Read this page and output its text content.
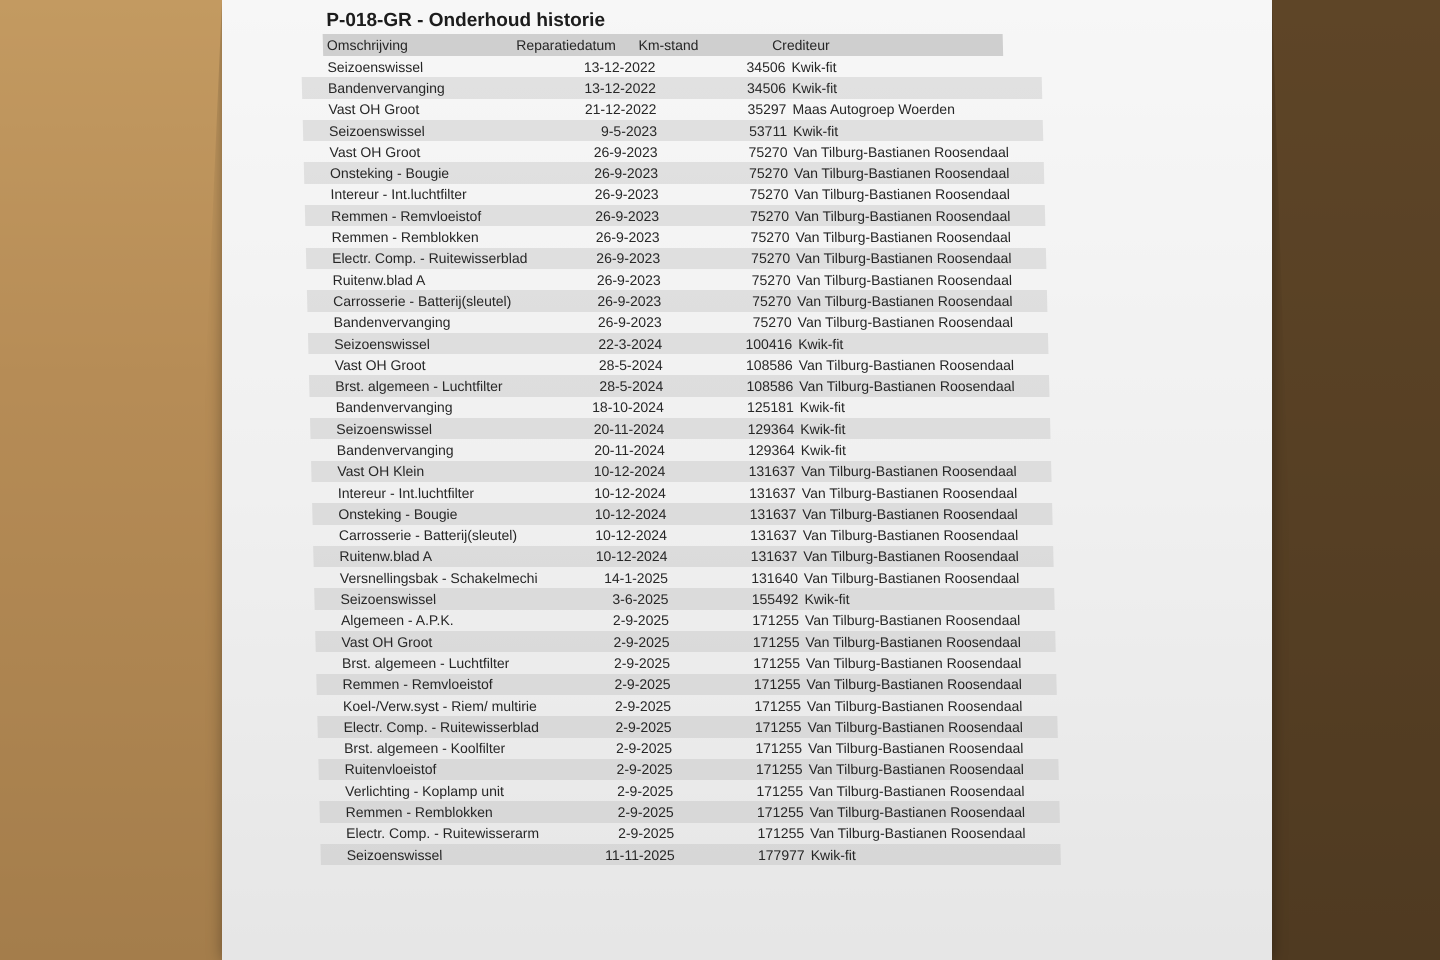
P-018-GR - Onderhoud historie
Omschrijving	Reparatiedatum	Km-stand	Crediteur
Seizoenswissel	13-12-2022	34506 Kwik-fit
Bandenvervanging	13-12-2022	34506 Kwik-fit
Vast OH Groot	21-12-2022	35297 Maas Autogroep Woerden
Seizoenswissel	9-5-2023	53711 Kwik-fit
Vast OH Groot	26-9-2023	75270 Van Tilburg-Bastianen Roosendaal
Onsteking - Bougie	26-9-2023	75270 Van Tilburg-Bastianen Roosendaal
Intereur - Int.luchtfilter	26-9-2023	75270 Van Tilburg-Bastianen Roosendaal
Remmen - Remvloeistof	26-9-2023	75270 Van Tilburg-Bastianen Roosendaal
Remmen - Remblokken	26-9-2023	75270 Van Tilburg-Bastianen Roosendaal
Electr. Comp. - Ruitewisserblad	26-9-2023	75270 Van Tilburg-Bastianen Roosendaal
Ruitenw.blad A	26-9-2023	75270 Van Tilburg-Bastianen Roosendaal
Carrosserie - Batterij(sleutel)	26-9-2023	75270 Van Tilburg-Bastianen Roosendaal
Bandenvervanging	26-9-2023	75270 Van Tilburg-Bastianen Roosendaal
Seizoenswissel	22-3-2024	100416 Kwik-fit
Vast OH Groot	28-5-2024	108586 Van Tilburg-Bastianen Roosendaal
Brst. algemeen - Luchtfilter	28-5-2024	108586 Van Tilburg-Bastianen Roosendaal
Bandenvervanging	18-10-2024	125181 Kwik-fit
Seizoenswissel	20-11-2024	129364 Kwik-fit
Bandenvervanging	20-11-2024	129364 Kwik-fit
Vast OH Klein	10-12-2024	131637 Van Tilburg-Bastianen Roosendaal
Intereur - Int.luchtfilter	10-12-2024	131637 Van Tilburg-Bastianen Roosendaal
Onsteking - Bougie	10-12-2024	131637 Van Tilburg-Bastianen Roosendaal
Carrosserie - Batterij(sleutel)	10-12-2024	131637 Van Tilburg-Bastianen Roosendaal
Ruitenw.blad A	10-12-2024	131637 Van Tilburg-Bastianen Roosendaal
Versnellingsbak - Schakelmechi	14-1-2025	131640 Van Tilburg-Bastianen Roosendaal
Seizoenswissel	3-6-2025	155492 Kwik-fit
Algemeen - A.P.K.	2-9-2025	171255 Van Tilburg-Bastianen Roosendaal
Vast OH Groot	2-9-2025	171255 Van Tilburg-Bastianen Roosendaal
Brst. algemeen - Luchtfilter	2-9-2025	171255 Van Tilburg-Bastianen Roosendaal
Remmen - Remvloeistof	2-9-2025	171255 Van Tilburg-Bastianen Roosendaal
Koel-/Verw.syst - Riem/ multirie	2-9-2025	171255 Van Tilburg-Bastianen Roosendaal
Electr. Comp. - Ruitewisserblad	2-9-2025	171255 Van Tilburg-Bastianen Roosendaal
Brst. algemeen - Koolfilter	2-9-2025	171255 Van Tilburg-Bastianen Roosendaal
Ruitenvloeistof	2-9-2025	171255 Van Tilburg-Bastianen Roosendaal
Verlichting - Koplamp unit	2-9-2025	171255 Van Tilburg-Bastianen Roosendaal
Remmen - Remblokken	2-9-2025	171255 Van Tilburg-Bastianen Roosendaal
Electr. Comp. - Ruitewisserarm	2-9-2025	171255 Van Tilburg-Bastianen Roosendaal
Seizoenswissel	11-11-2025	177977 Kwik-fit
